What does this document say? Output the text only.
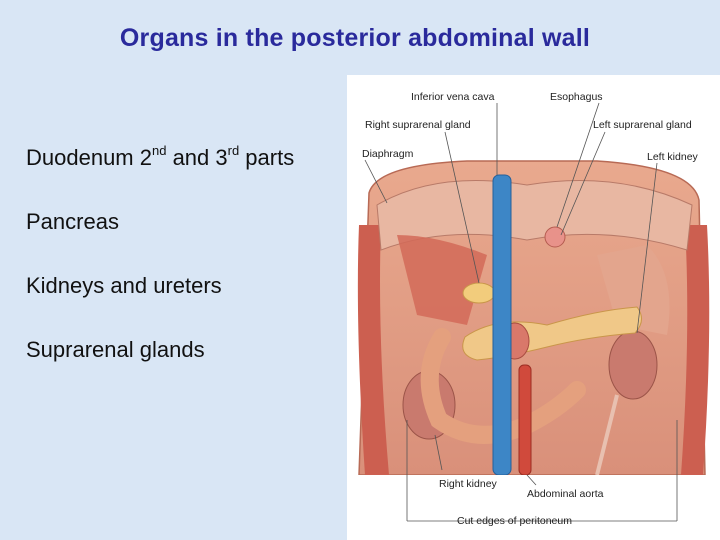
Organs in the posterior abdominal wall
Duodenum 2nd and 3rd parts
Pancreas
Kidneys and ureters
Suprarenal glands
Inferior vena cava	Esophagus
Right suprarenal gland	Left suprarenal gland
Diaphragm	Left kidney
Right kidney
Abdominal aorta
Cut edges of peritoneum
